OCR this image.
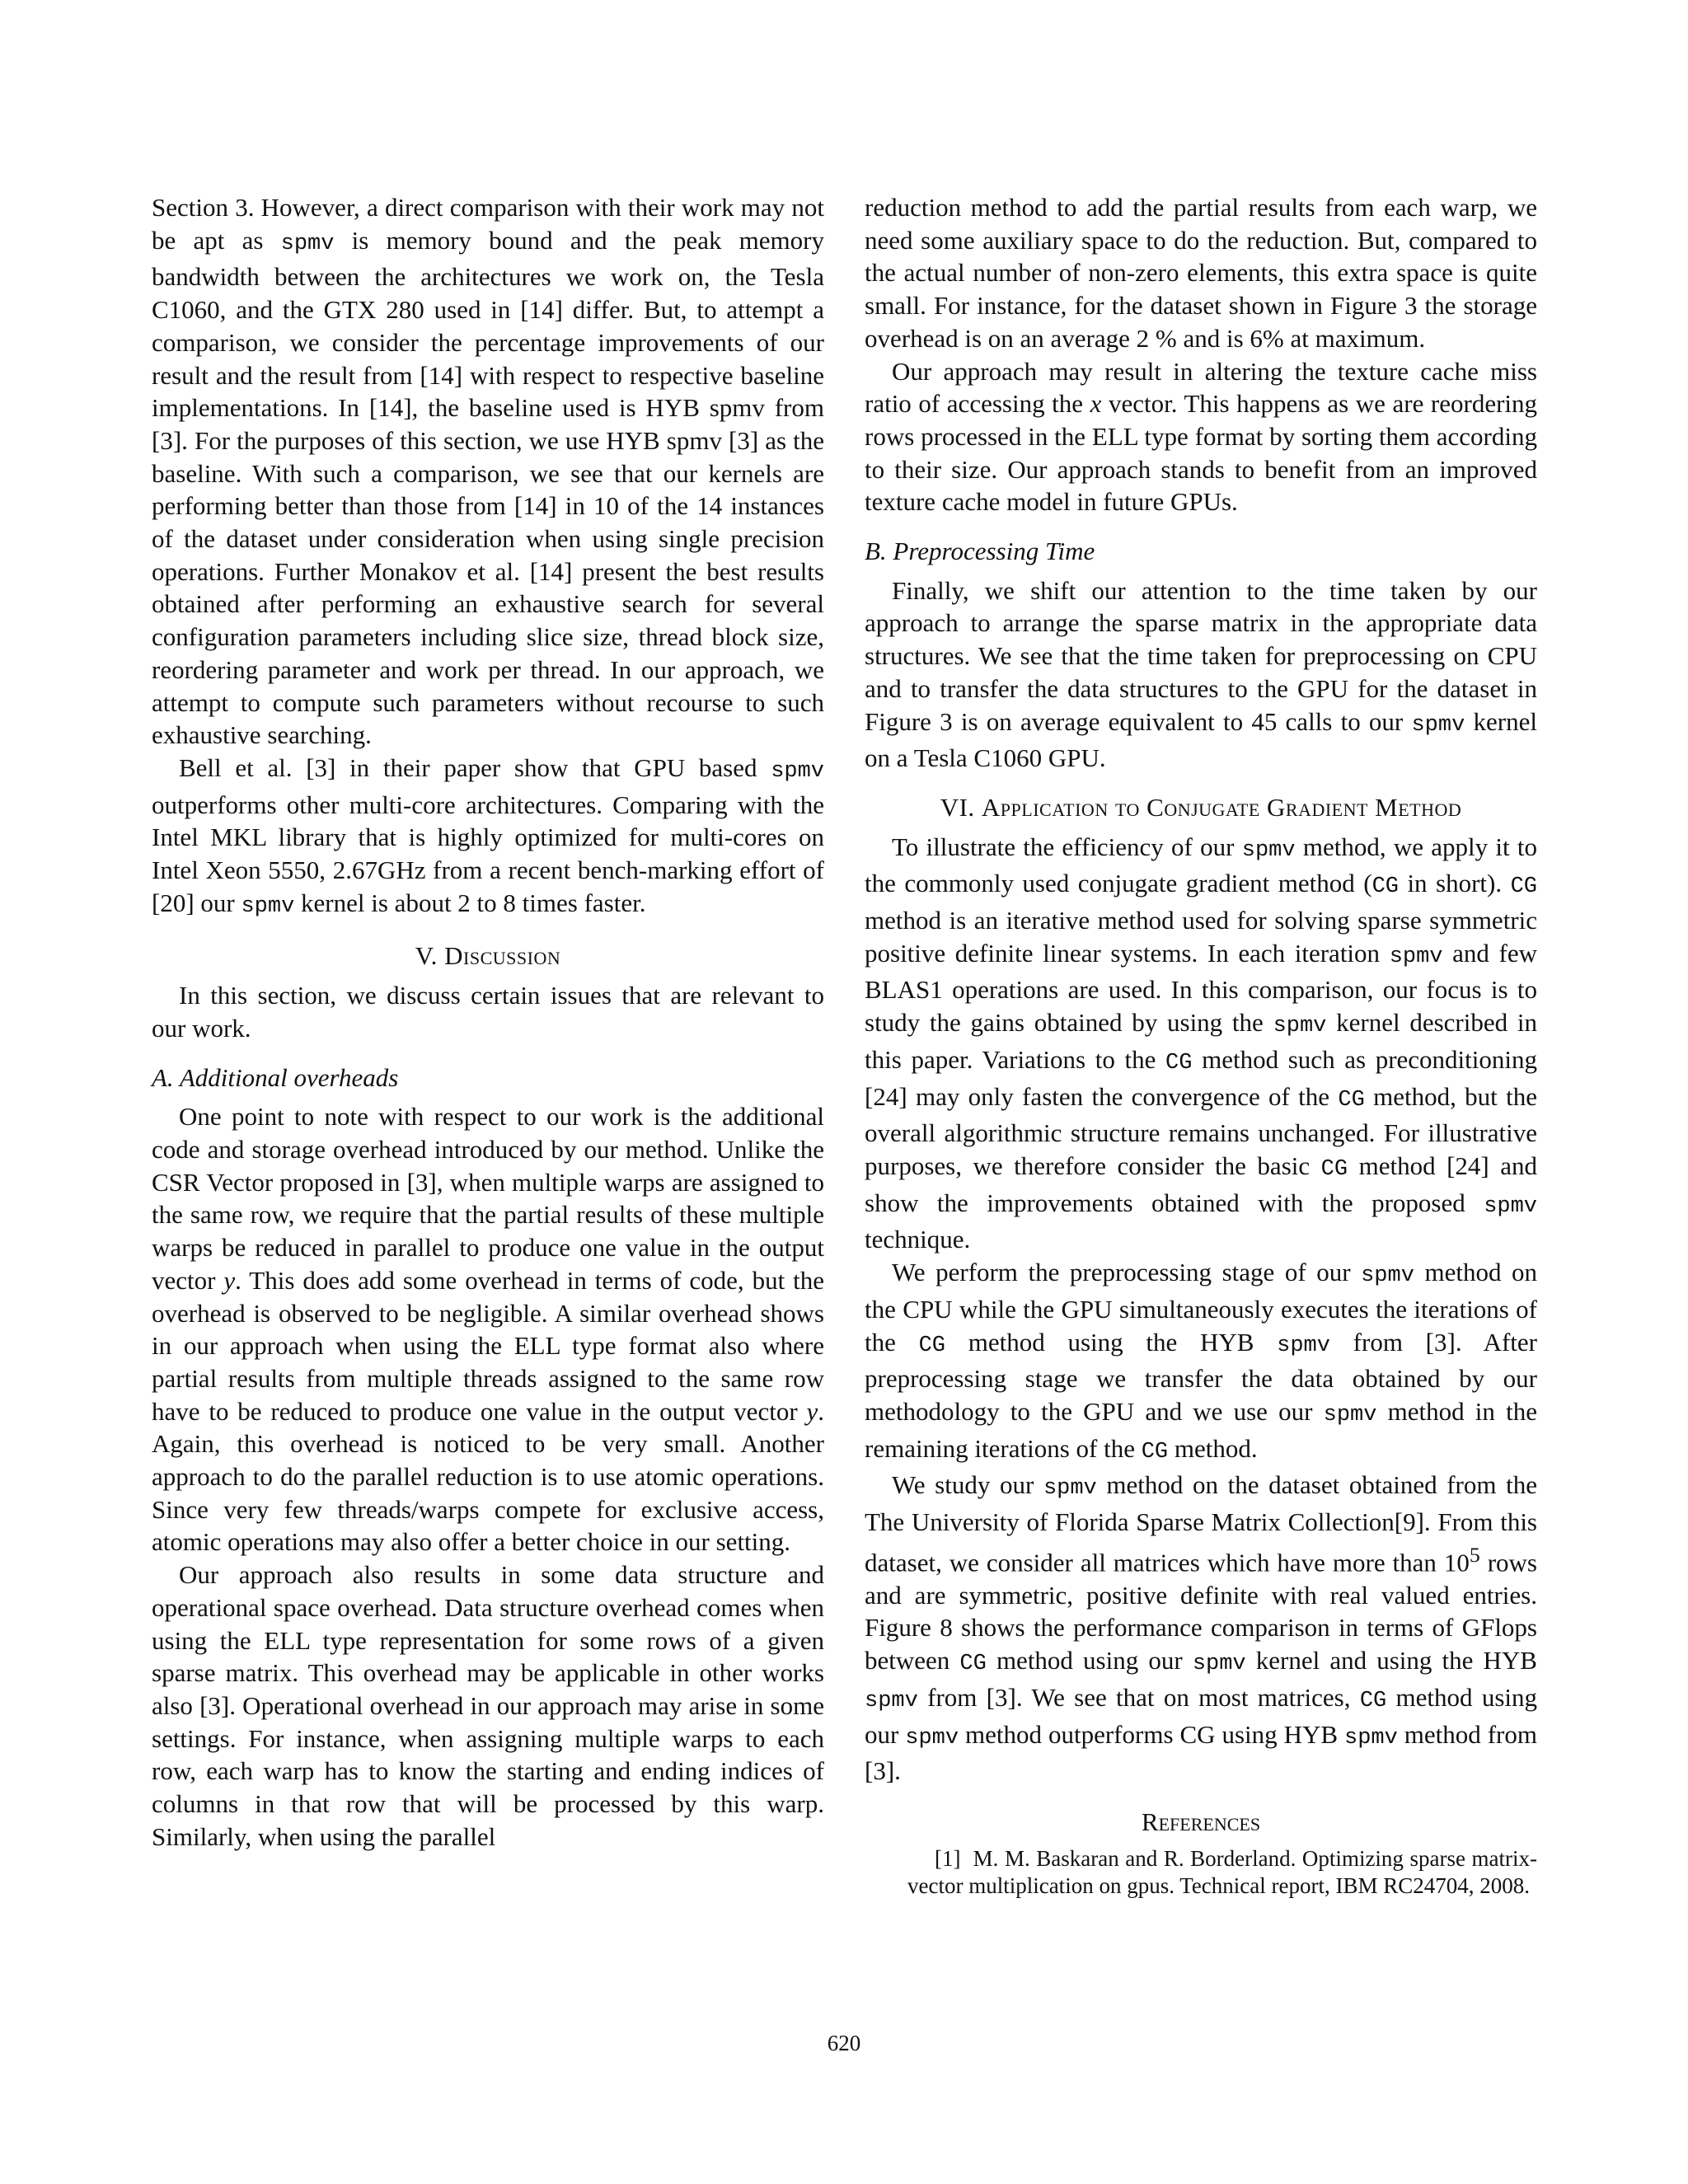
Section 3. However, a direct comparison with their work may not be apt as spmv is memory bound and the peak memory bandwidth between the architectures we work on, the Tesla C1060, and the GTX 280 used in [14] differ. But, to attempt a comparison, we consider the percentage improvements of our result and the result from [14] with respect to respective baseline implementations. In [14], the baseline used is HYB spmv from [3]. For the purposes of this section, we use HYB spmv [3] as the baseline. With such a comparison, we see that our kernels are performing better than those from [14] in 10 of the 14 instances of the dataset under consideration when using single precision operations. Further Monakov et al. [14] present the best results obtained after performing an exhaustive search for several configuration parameters including slice size, thread block size, reordering parameter and work per thread. In our approach, we attempt to compute such parameters without recourse to such exhaustive searching.

Bell et al. [3] in their paper show that GPU based spmv outperforms other multi-core architectures. Comparing with the Intel MKL library that is highly optimized for multi-cores on Intel Xeon 5550, 2.67GHz from a recent bench-marking effort of [20] our spmv kernel is about 2 to 8 times faster.

V. Discussion

In this section, we discuss certain issues that are relevant to our work.

A. Additional overheads

One point to note with respect to our work is the additional code and storage overhead introduced by our method. Unlike the CSR Vector proposed in [3], when multiple warps are assigned to the same row, we require that the partial results of these multiple warps be reduced in parallel to produce one value in the output vector y. This does add some overhead in terms of code, but the overhead is observed to be negligible. A similar overhead shows in our approach when using the ELL type format also where partial results from multiple threads assigned to the same row have to be reduced to produce one value in the output vector y. Again, this overhead is noticed to be very small. Another approach to do the parallel reduction is to use atomic operations. Since very few threads/warps compete for exclusive access, atomic operations may also offer a better choice in our setting.

Our approach also results in some data structure and operational space overhead. Data structure overhead comes when using the ELL type representation for some rows of a given sparse matrix. This overhead may be applicable in other works also [3]. Operational overhead in our approach may arise in some settings. For instance, when assigning multiple warps to each row, each warp has to know the starting and ending indices of columns in that row that will be processed by this warp. Similarly, when using the parallel

reduction method to add the partial results from each warp, we need some auxiliary space to do the reduction. But, compared to the actual number of non-zero elements, this extra space is quite small. For instance, for the dataset shown in Figure 3 the storage overhead is on an average 2 % and is 6% at maximum.

Our approach may result in altering the texture cache miss ratio of accessing the x vector. This happens as we are reordering rows processed in the ELL type format by sorting them according to their size. Our approach stands to benefit from an improved texture cache model in future GPUs.

B. Preprocessing Time

Finally, we shift our attention to the time taken by our approach to arrange the sparse matrix in the appropriate data structures. We see that the time taken for preprocessing on CPU and to transfer the data structures to the GPU for the dataset in Figure 3 is on average equivalent to 45 calls to our spmv kernel on a Tesla C1060 GPU.

VI. Application to Conjugate Gradient Method

To illustrate the efficiency of our spmv method, we apply it to the commonly used conjugate gradient method (CG in short). CG method is an iterative method used for solving sparse symmetric positive definite linear systems. In each iteration spmv and few BLAS1 operations are used. In this comparison, our focus is to study the gains obtained by using the spmv kernel described in this paper. Variations to the CG method such as preconditioning [24] may only fasten the convergence of the CG method, but the overall algorithmic structure remains unchanged. For illustrative purposes, we therefore consider the basic CG method [24] and show the improvements obtained with the proposed spmv technique.

We perform the preprocessing stage of our spmv method on the CPU while the GPU simultaneously executes the iterations of the CG method using the HYB spmv from [3]. After preprocessing stage we transfer the data obtained by our methodology to the GPU and we use our spmv method in the remaining iterations of the CG method.

We study our spmv method on the dataset obtained from the The University of Florida Sparse Matrix Collection[9]. From this dataset, we consider all matrices which have more than $10^5$ rows and are symmetric, positive definite with real valued entries. Figure 8 shows the performance comparison in terms of GFlops between CG method using our spmv kernel and using the HYB spmv from [3]. We see that on most matrices, CG method using our spmv method outperforms CG using HYB spmv method from [3].

References

[1] M. M. Baskaran and R. Borderland. Optimizing sparse matrix-vector multiplication on gpus. Technical report, IBM RC24704, 2008.

620
